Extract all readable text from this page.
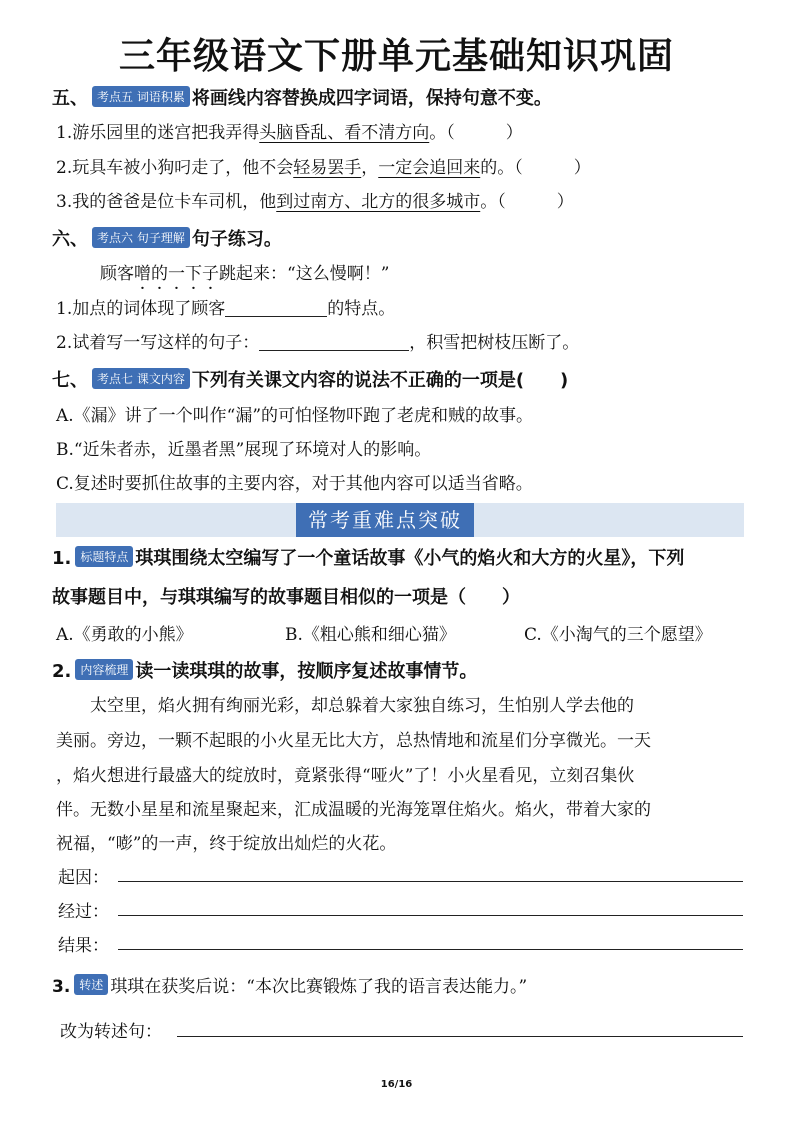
三年级语文下册单元基础知识巩固
五、 考点五 词语积累 将画线内容替换成四字词语，保持句意不变。
1.游乐园里的迷宫把我弄得头脑昏乱、看不清方向。（　　　）
2.玩具车被小狗叼走了，他不会轻易罢手，一定会追回来的。（　　　）
3.我的爸爸是位卡车司机，他到过南方、北方的很多城市。（　　　）
六、 考点六 句子理解 句子练习。
顾客噌的一下子跳起来：“这么慢啊！”
1.加点的词体现了顾客	的特点。
2.试着写一写这样的句子：	，积雪把树枝压断了。
七、 考点七 课文内容 下列有关课文内容的说法不正确的一项是(　　)
A.《漏》讲了一个叫作“漏”的可怕怪物吓跑了老虎和贼的故事。
B.“近朱者赤，近墨者黑”展现了环境对人的影响。
C.复述时要抓住故事的主要内容，对于其他内容可以适当省略。
常考重难点突破
1. 标题特点 琪琪围绕太空编写了一个童话故事《小气的焰火和大方的火星》，下列
故事题目中，与琪琪编写的故事题目相似的一项是（　　）
A.《勇敢的小熊》	B.《粗心熊和细心猫》	C.《小淘气的三个愿望》
2. 内容梳理 读一读琪琪的故事，按顺序复述故事情节。
　　太空里，焰火拥有绚丽光彩，却总躲着大家独自练习，生怕别人学去他的
美丽。旁边，一颗不起眼的小火星无比大方，总热情地和流星们分享微光。一天
，焰火想进行最盛大的绽放时，竟紧张得“哑火”了！小火星看见，立刻召集伙
伴。无数小星星和流星聚起来，汇成温暖的光海笼罩住焰火。焰火，带着大家的
祝福，“嘭”的一声，终于绽放出灿烂的火花。
起因：
经过：
结果：
3. 转述 琪琪在获奖后说：“本次比赛锻炼了我的语言表达能力。”
改为转述句：
16/16
